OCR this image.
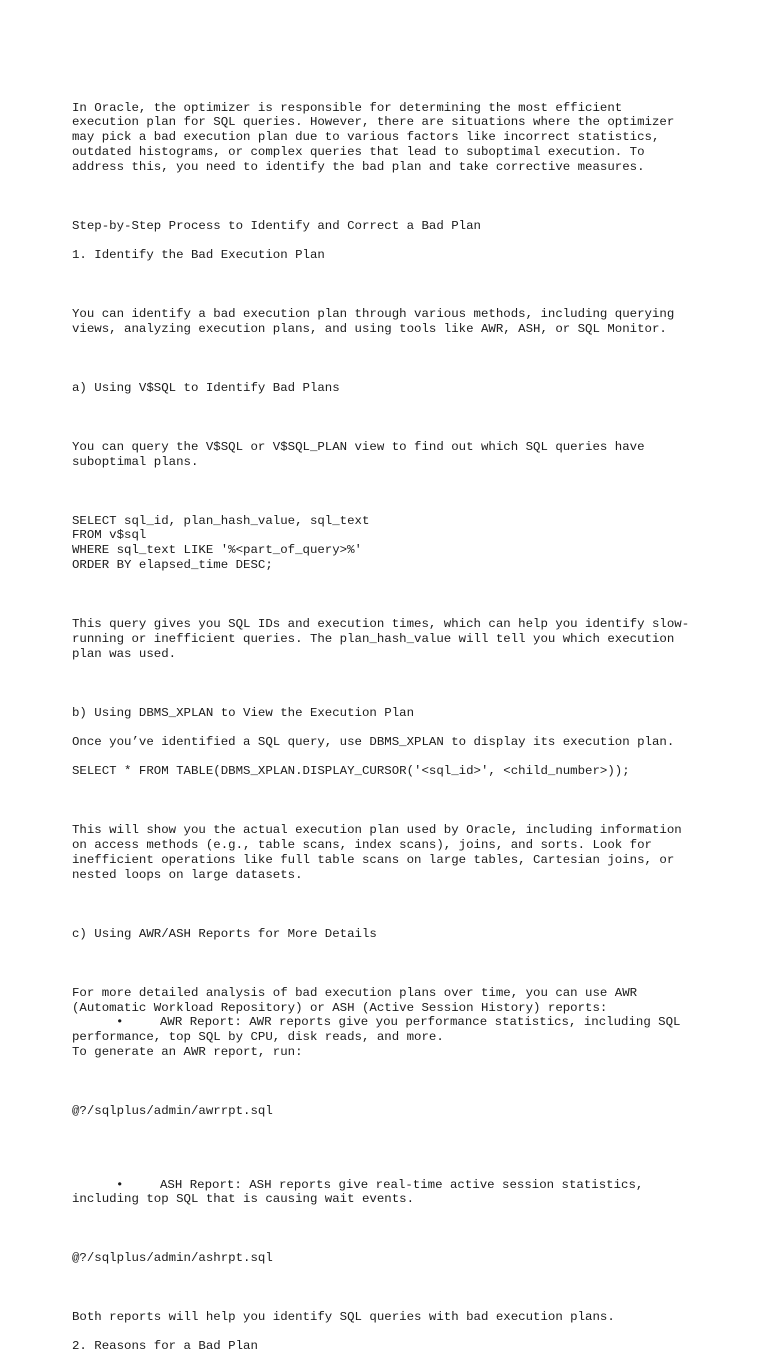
In Oracle, the optimizer is responsible for determining the most efficient
execution plan for SQL queries. However, there are situations where the optimizer
may pick a bad execution plan due to various factors like incorrect statistics,
outdated histograms, or complex queries that lead to suboptimal execution. To
address this, you need to identify the bad plan and take corrective measures.

Step-by-Step Process to Identify and Correct a Bad Plan

1. Identify the Bad Execution Plan

You can identify a bad execution plan through various methods, including querying
views, analyzing execution plans, and using tools like AWR, ASH, or SQL Monitor.

a) Using V$SQL to Identify Bad Plans

You can query the V$SQL or V$SQL_PLAN view to find out which SQL queries have
suboptimal plans.

SELECT sql_id, plan_hash_value, sql_text
FROM v$sql
WHERE sql_text LIKE '%<part_of_query>%'
ORDER BY elapsed_time DESC;

This query gives you SQL IDs and execution times, which can help you identify slow-
running or inefficient queries. The plan_hash_value will tell you which execution
plan was used.

b) Using DBMS_XPLAN to View the Execution Plan

Once you’ve identified a SQL query, use DBMS_XPLAN to display its execution plan.

SELECT * FROM TABLE(DBMS_XPLAN.DISPLAY_CURSOR('<sql_id>', <child_number>));

This will show you the actual execution plan used by Oracle, including information
on access methods (e.g., table scans, index scans), joins, and sorts. Look for
inefficient operations like full table scans on large tables, Cartesian joins, or
nested loops on large datasets.

c) Using AWR/ASH Reports for More Details

For more detailed analysis of bad execution plans over time, you can use AWR
(Automatic Workload Repository) or ASH (Active Session History) reports:
•	AWR Report: AWR reports give you performance statistics, including SQL
performance, top SQL by CPU, disk reads, and more.
To generate an AWR report, run:

@?/sqlplus/admin/awrrpt.sql

•	ASH Report: ASH reports give real-time active session statistics,
including top SQL that is causing wait events.

@?/sqlplus/admin/ashrpt.sql

Both reports will help you identify SQL queries with bad execution plans.

2. Reasons for a Bad Plan
